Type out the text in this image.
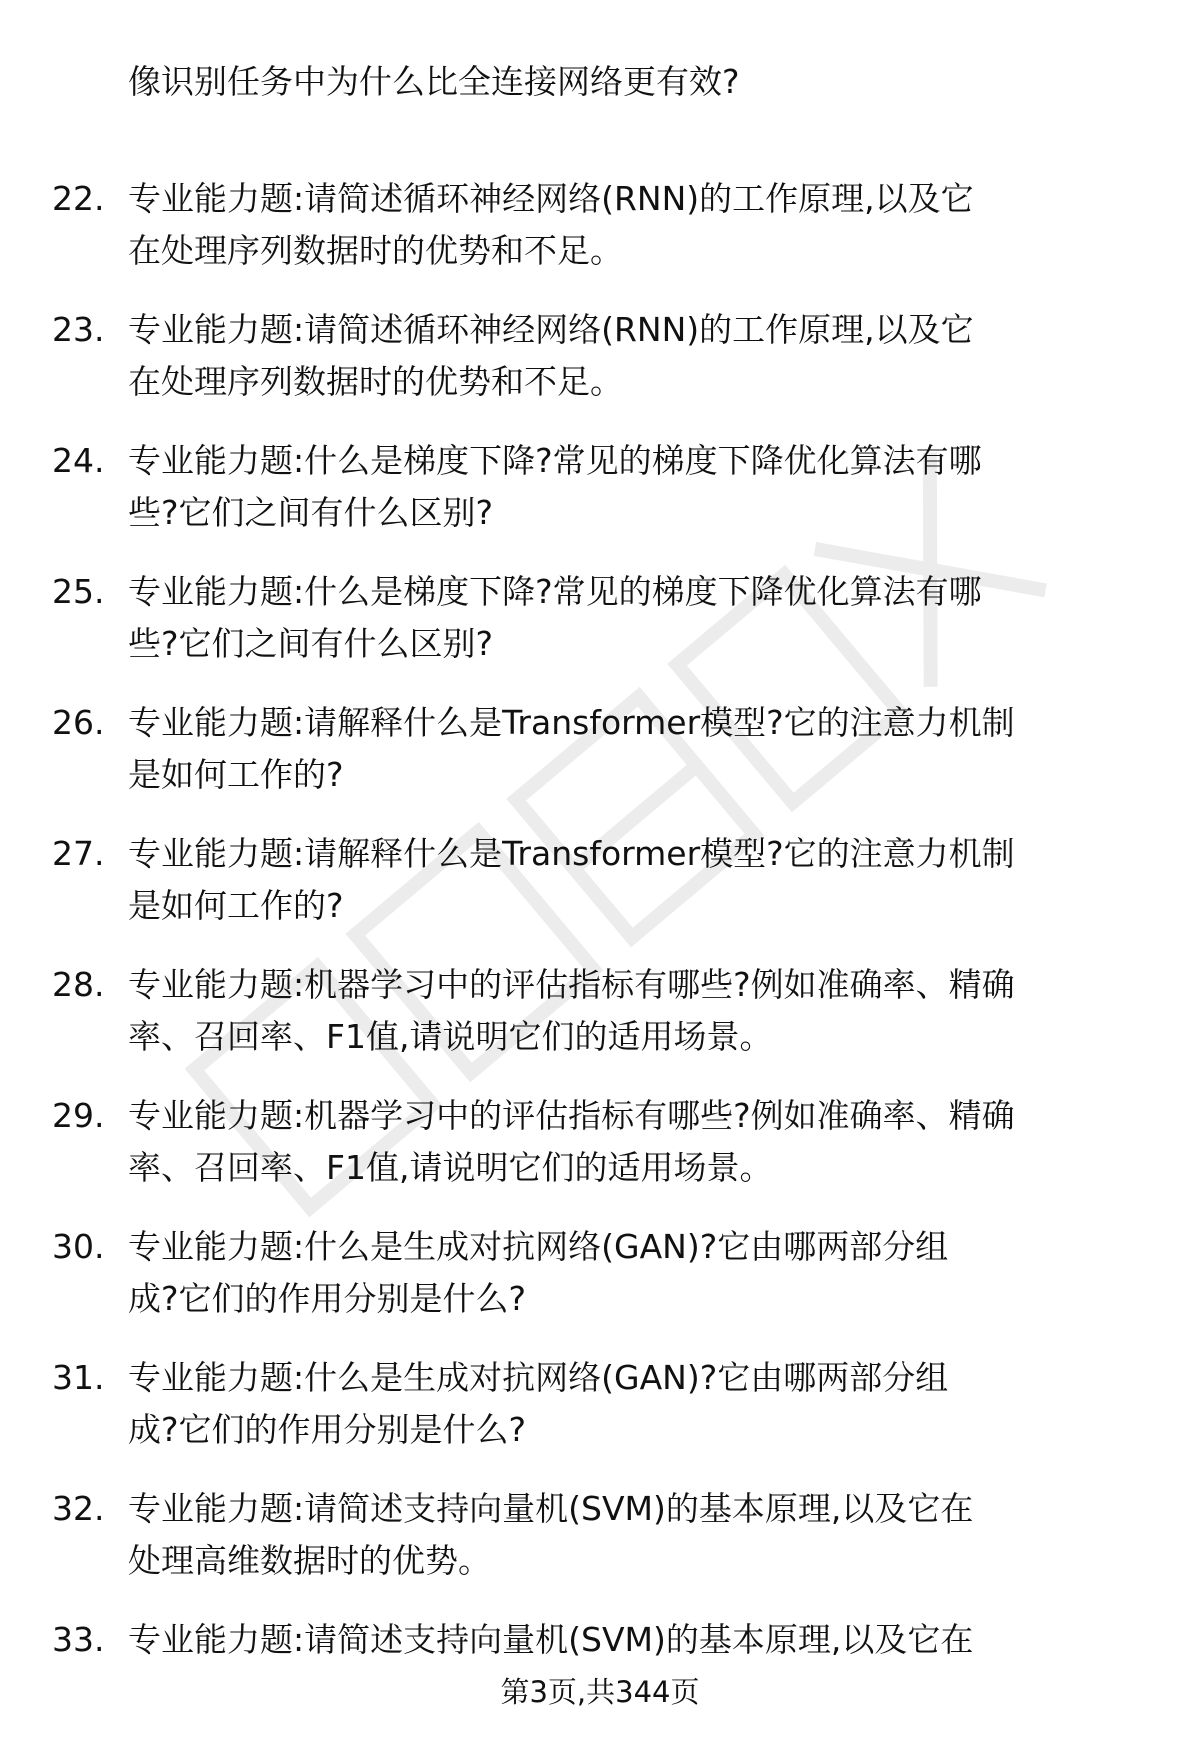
像识别任务中为什么比全连接网络更有效?
22. 专业能力题:请简述循环神经网络(RNN)的工作原理,以及它
在处理序列数据时的优势和不足。
23. 专业能力题:请简述循环神经网络(RNN)的工作原理,以及它
在处理序列数据时的优势和不足。
24. 专业能力题:什么是梯度下降?常见的梯度下降优化算法有哪
些?它们之间有什么区别?
25. 专业能力题:什么是梯度下降?常见的梯度下降优化算法有哪
些?它们之间有什么区别?
26. 专业能力题:请解释什么是Transformer模型?它的注意力机制
是如何工作的?
27. 专业能力题:请解释什么是Transformer模型?它的注意力机制
是如何工作的?
28. 专业能力题:机器学习中的评估指标有哪些?例如准确率、精确
率、召回率、F1值,请说明它们的适用场景。
29. 专业能力题:机器学习中的评估指标有哪些?例如准确率、精确
率、召回率、F1值,请说明它们的适用场景。
30. 专业能力题:什么是生成对抗网络(GAN)?它由哪两部分组
成?它们的作用分别是什么?
31. 专业能力题:什么是生成对抗网络(GAN)?它由哪两部分组
成?它们的作用分别是什么?
32. 专业能力题:请简述支持向量机(SVM)的基本原理,以及它在
处理高维数据时的优势。
33. 专业能力题:请简述支持向量机(SVM)的基本原理,以及它在
第3页,共344页
